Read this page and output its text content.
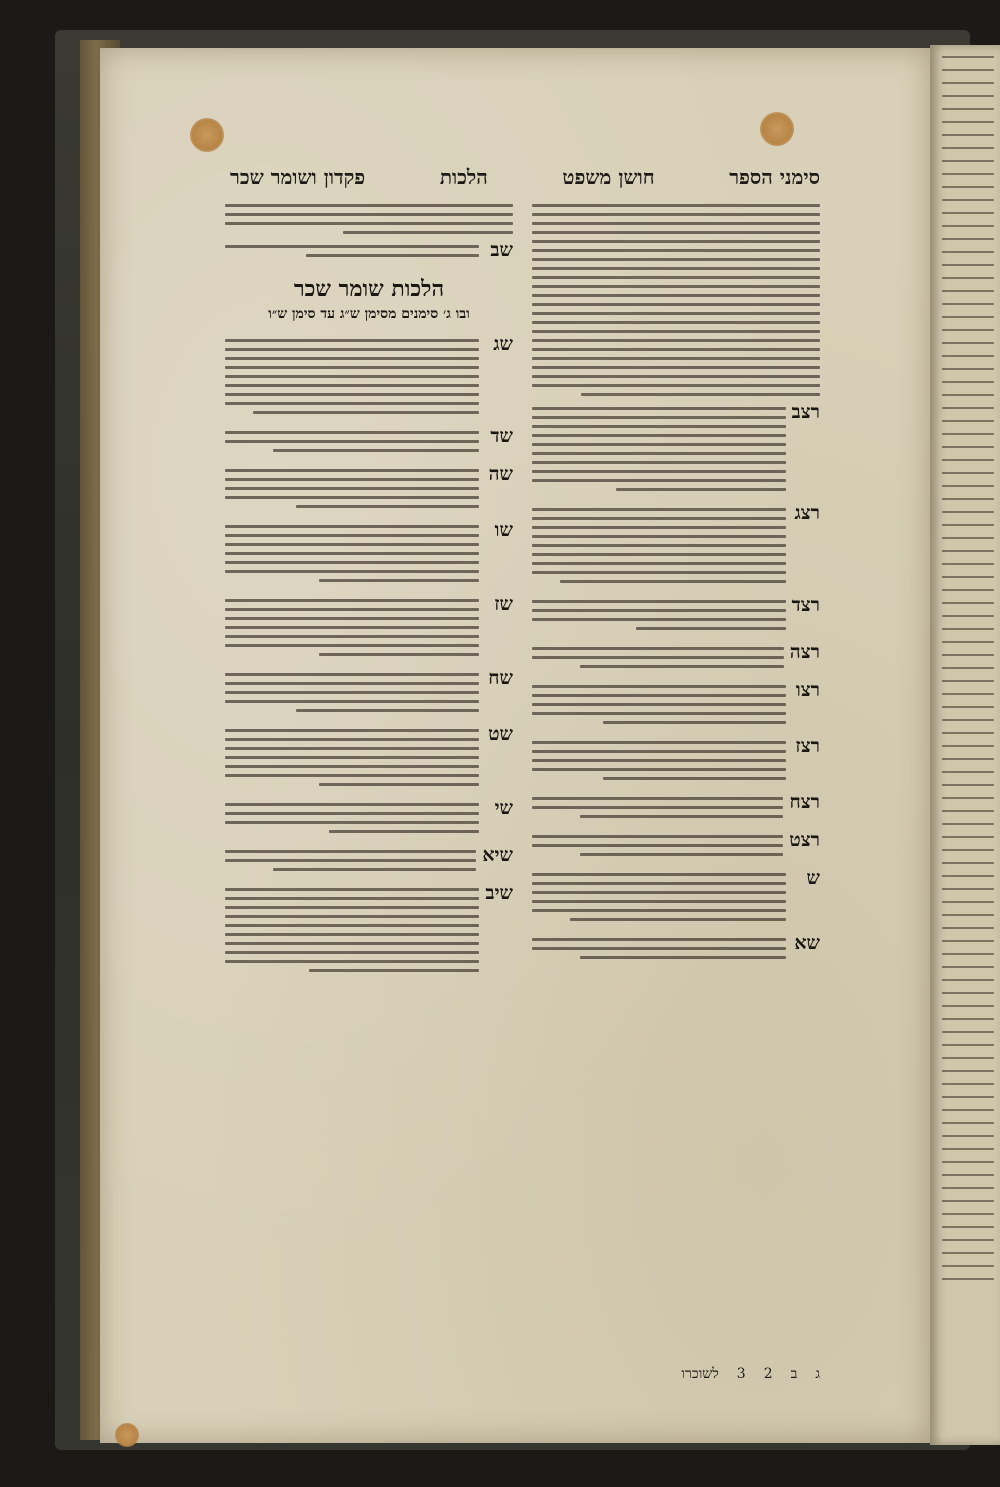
סימני הספר
חושן משפט
הלכות
פקדון ושומר שכר
רצב
רצג
רצד
רצה
רצו
רצז
רצח
רצט
ש
שא
שב
הלכות שומר שכר
ובו ג׳ סימנים מסימן ש״ג עד סימן ש״ו
שג
שד
שה
שו
שז
שח
שט
שי
שיא
שיב
ג
ב
2
3
לשוכרו
